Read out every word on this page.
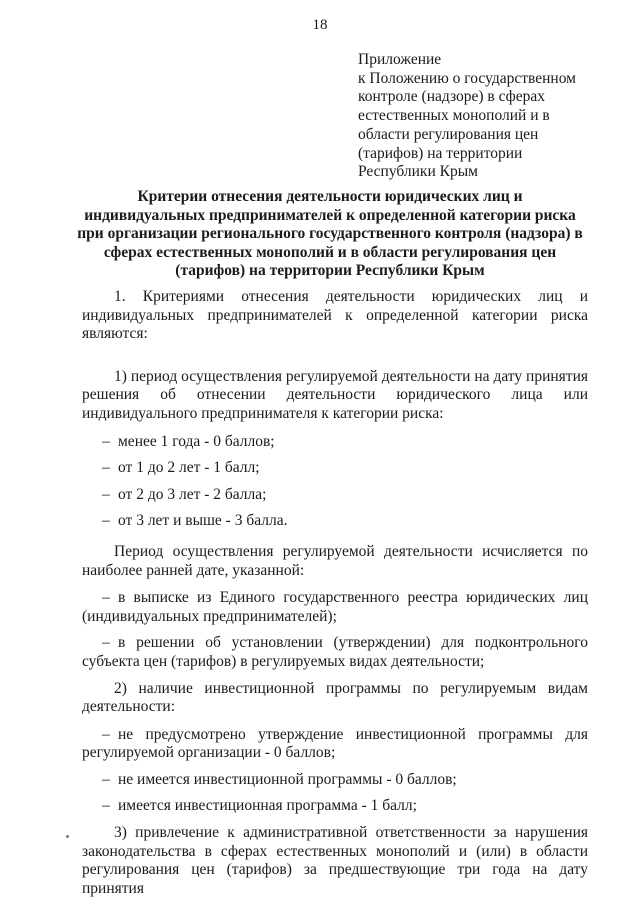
18
Приложение
к Положению о государственном
контроле (надзоре) в сферах
естественных монополий и в
области регулирования цен
(тарифов) на территории
Республики Крым
Критерии отнесения деятельности юридических лиц и
индивидуальных предпринимателей к определенной категории риска
при организации регионального государственного контроля (надзора) в
сферах естественных монополий и в области регулирования цен
(тарифов) на территории Республики Крым

1. Критериями отнесения деятельности юридических лиц и индивидуальных предпринимателей к определенной категории риска являются:

1) период осуществления регулируемой деятельности на дату принятия решения об отнесении деятельности юридического лица или индивидуального предпринимателя к категории риска:

– менее 1 года - 0 баллов;

– от 1 до 2 лет - 1 балл;

– от 2 до 3 лет - 2 балла;

– от 3 лет и выше - 3 балла.

Период осуществления регулируемой деятельности исчисляется по наиболее ранней дате, указанной:

– в выписке из Единого государственного реестра юридических лиц (индивидуальных предпринимателей);

– в решении об установлении (утверждении) для подконтрольного субъекта цен (тарифов) в регулируемых видах деятельности;

2) наличие инвестиционной программы по регулируемым видам деятельности:

– не предусмотрено утверждение инвестиционной программы для регулируемой организации - 0 баллов;

– не имеется инвестиционной программы - 0 баллов;

– имеется инвестиционная программа - 1 балл;

3) привлечение к административной ответственности за нарушения законодательства в сферах естественных монополий и (или) в области регулирования цен (тарифов) за предшествующие три года на дату принятия
